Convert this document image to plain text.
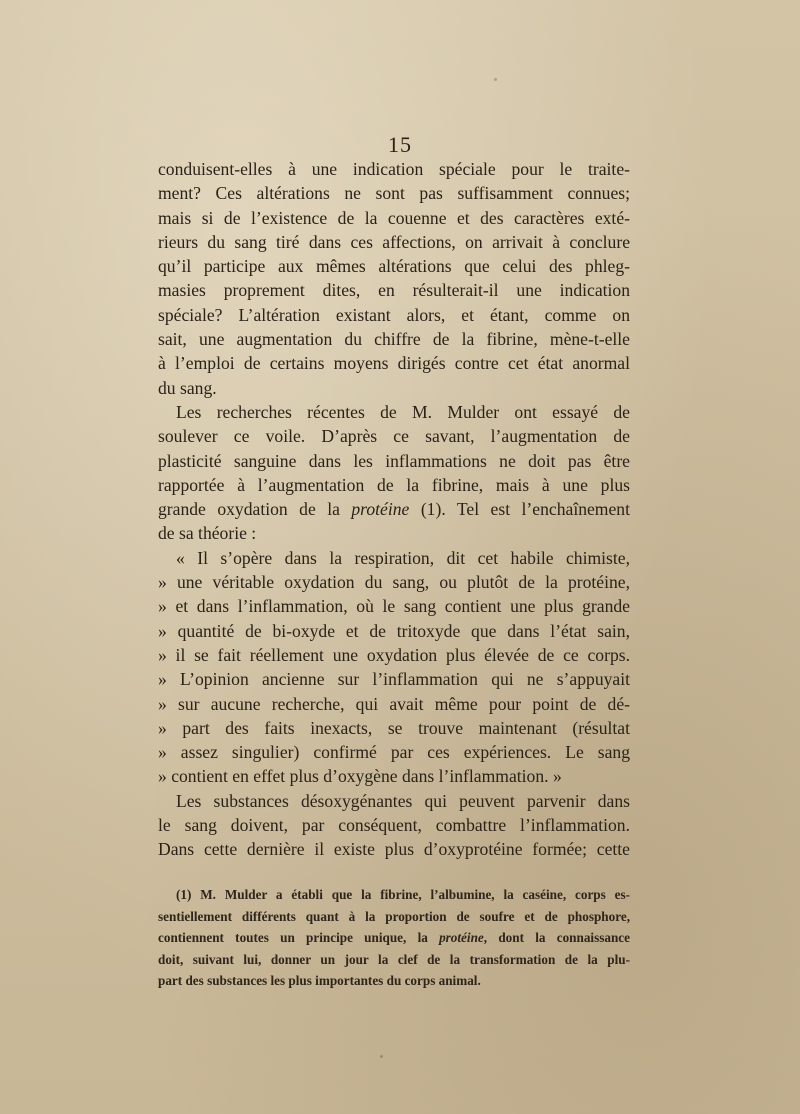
15
conduisent-elles à une indication spéciale pour le traite-
ment? Ces altérations ne sont pas suffisamment connues;
mais si de l’existence de la couenne et des caractères exté-
rieurs du sang tiré dans ces affections, on arrivait à conclure
qu’il participe aux mêmes altérations que celui des phleg-
masies proprement dites, en résulterait-il une indication
spéciale? L’altération existant alors, et étant, comme on
sait, une augmentation du chiffre de la fibrine, mène-t-elle
à l’emploi de certains moyens dirigés contre cet état anormal
du sang.
Les recherches récentes de M. Mulder ont essayé de
soulever ce voile. D’après ce savant, l’augmentation de
plasticité sanguine dans les inflammations ne doit pas être
rapportée à l’augmentation de la fibrine, mais à une plus
grande oxydation de la protéine (1). Tel est l’enchaînement
de sa théorie :
« Il s’opère dans la respiration, dit cet habile chimiste,
» une véritable oxydation du sang, ou plutôt de la protéine,
» et dans l’inflammation, où le sang contient une plus grande
» quantité de bi-oxyde et de tritoxyde que dans l’état sain,
» il se fait réellement une oxydation plus élevée de ce corps.
» L’opinion ancienne sur l’inflammation qui ne s’appuyait
» sur aucune recherche, qui avait même pour point de dé-
» part des faits inexacts, se trouve maintenant (résultat
» assez singulier) confirmé par ces expériences. Le sang
» contient en effet plus d’oxygène dans l’inflammation. »
Les substances désoxygénantes qui peuvent parvenir dans
le sang doivent, par conséquent, combattre l’inflammation.
Dans cette dernière il existe plus d’oxyprotéine formée; cette
(1) M. Mulder a établi que la fibrine, l’albumine, la caséine, corps es-
sentiellement différents quant à la proportion de soufre et de phosphore,
contiennent toutes un principe unique, la protéine, dont la connaissance
doit, suivant lui, donner un jour la clef de la transformation de la plu-
part des substances les plus importantes du corps animal.
